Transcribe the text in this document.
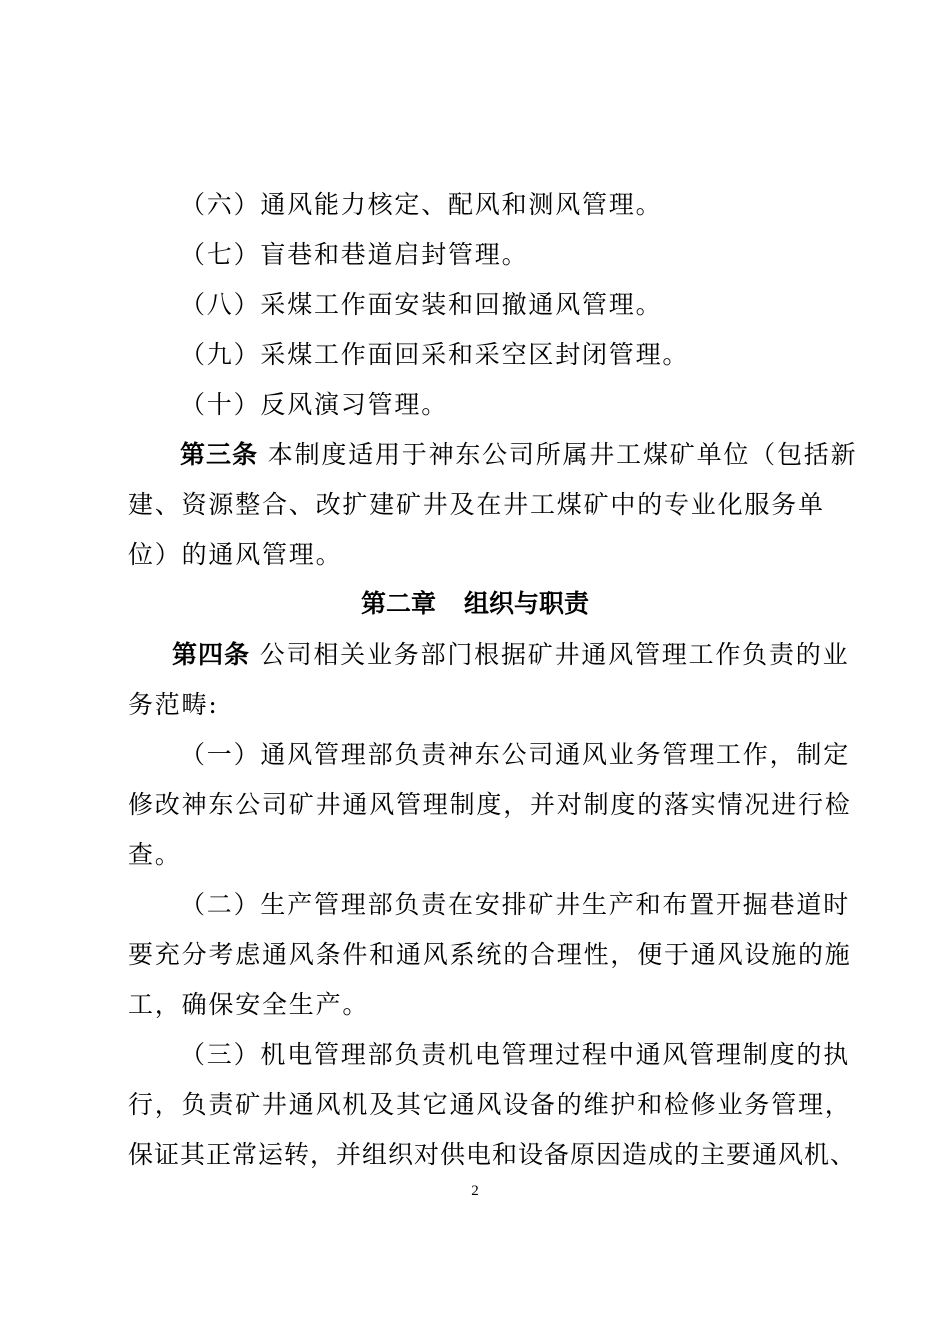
（六）通风能力核定、配风和测风管理。
（七）盲巷和巷道启封管理。
（八）采煤工作面安装和回撤通风管理。
（九）采煤工作面回采和采空区封闭管理。
（十）反风演习管理。
第三条 本制度适用于神东公司所属井工煤矿单位（包括新
建、资源整合、改扩建矿井及在井工煤矿中的专业化服务单
位）的通风管理。
第二章 组织与职责
第四条 公司相关业务部门根据矿井通风管理工作负责的业
务范畴:
（一）通风管理部负责神东公司通风业务管理工作，制定
修改神东公司矿井通风管理制度，并对制度的落实情况进行检
查。
（二）生产管理部负责在安排矿井生产和布置开掘巷道时
要充分考虑通风条件和通风系统的合理性，便于通风设施的施
工，确保安全生产。
（三）机电管理部负责机电管理过程中通风管理制度的执
行，负责矿井通风机及其它通风设备的维护和检修业务管理，
保证其正常运转，并组织对供电和设备原因造成的主要通风机、
2
